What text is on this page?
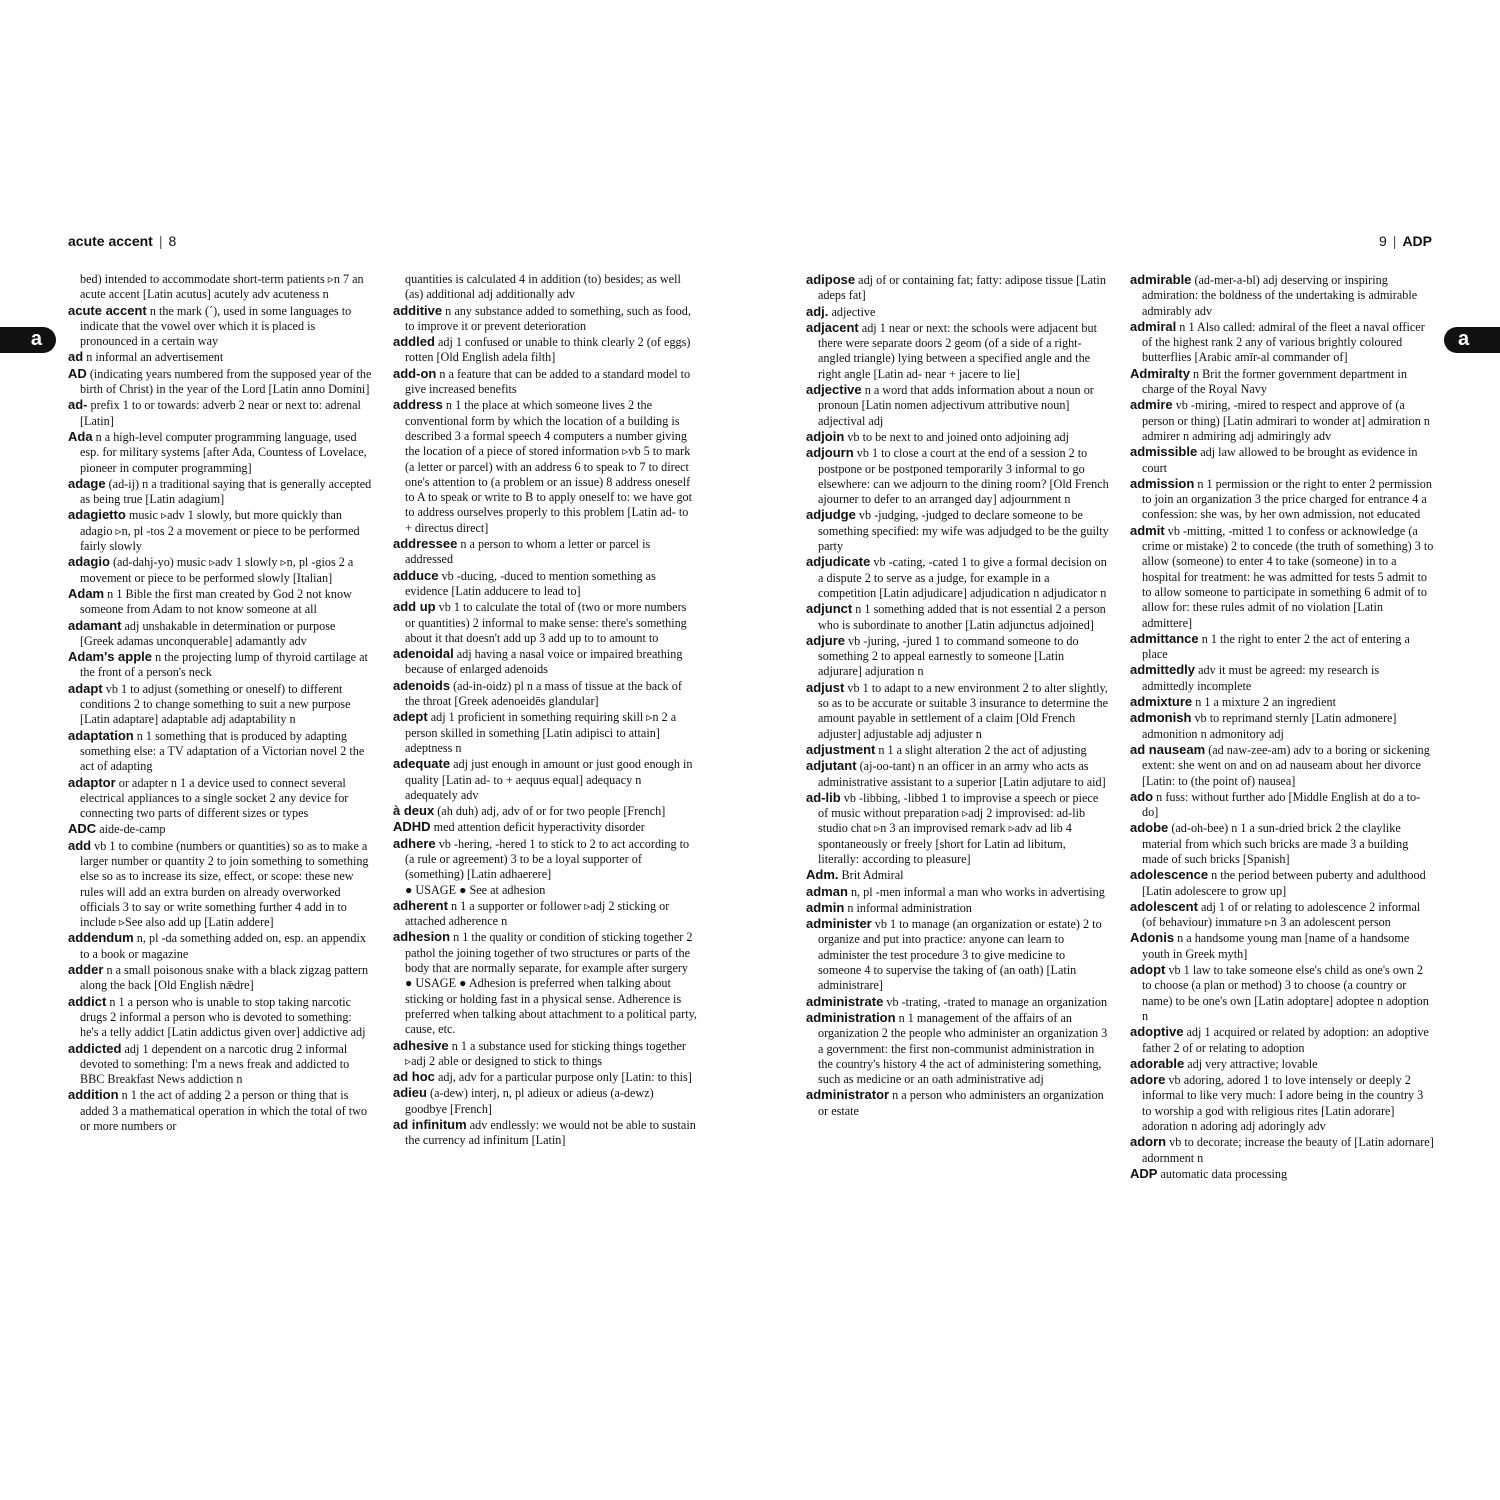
acute accent | 8
a

bed) intended to accommodate short-term patients ▹n 7 an acute accent [Latin acutus] acutely adv acuteness n

acute accent n the mark (´), used in some languages to indicate that the vowel over which it is placed is pronounced in a certain way

ad n informal an advertisement

AD (indicating years numbered from the supposed year of the birth of Christ) in the year of the Lord [Latin anno Domini]

ad- prefix 1 to or towards: adverb 2 near or next to: adrenal [Latin]

Ada n a high-level computer programming language, used esp. for military systems [after Ada, Countess of Lovelace, pioneer in computer programming]

adage (ad-ij) n a traditional saying that is generally accepted as being true [Latin adagium]

adagietto music ▹adv 1 slowly, but more quickly than adagio ▹n, pl -tos 2 a movement or piece to be performed fairly slowly

adagio (ad-dahj-yo) music ▹adv 1 slowly ▹n, pl -gios 2 a movement or piece to be performed slowly [Italian]

Adam n 1 Bible the first man created by God 2 not know someone from Adam to not know someone at all

adamant adj unshakable in determination or purpose [Greek adamas unconquerable] adamantly adv

Adam's apple n the projecting lump of thyroid cartilage at the front of a person's neck

adapt vb 1 to adjust (something or oneself) to different conditions 2 to change something to suit a new purpose [Latin adaptare] adaptable adj adaptability n

adaptation n 1 something that is produced by adapting something else: a TV adaptation of a Victorian novel 2 the act of adapting

adaptor or adapter n 1 a device used to connect several electrical appliances to a single socket 2 any device for connecting two parts of different sizes or types

ADC aide-de-camp

add vb 1 to combine (numbers or quantities) so as to make a larger number or quantity 2 to join something to something else so as to increase its size, effect, or scope: these new rules will add an extra burden on already overworked officials 3 to say or write something further 4 add in to include ▹See also add up [Latin addere]

addendum n, pl -da something added on, esp. an appendix to a book or magazine

adder n a small poisonous snake with a black zigzag pattern along the back [Old English nǣdre]

addict n 1 a person who is unable to stop taking narcotic drugs 2 informal a person who is devoted to something: he's a telly addict [Latin addictus given over] addictive adj

addicted adj 1 dependent on a narcotic drug 2 informal devoted to something: I'm a news freak and addicted to BBC Breakfast News addiction n

addition n 1 the act of adding 2 a person or thing that is added 3 a mathematical operation in which the total of two or more numbers or

quantities is calculated 4 in addition (to) besides; as well (as) additional adj additionally adv

additive n any substance added to something, such as food, to improve it or prevent deterioration

addled adj 1 confused or unable to think clearly 2 (of eggs) rotten [Old English adela filth]

add-on n a feature that can be added to a standard model to give increased benefits

address n 1 the place at which someone lives 2 the conventional form by which the location of a building is described 3 a formal speech 4 computers a number giving the location of a piece of stored information ▹vb 5 to mark (a letter or parcel) with an address 6 to speak to 7 to direct one's attention to (a problem or an issue) 8 address oneself to A to speak or write to B to apply oneself to: we have got to address ourselves properly to this problem [Latin ad- to + directus direct]

addressee n a person to whom a letter or parcel is addressed

adduce vb -ducing, -duced to mention something as evidence [Latin adducere to lead to]

add up vb 1 to calculate the total of (two or more numbers or quantities) 2 informal to make sense: there's something about it that doesn't add up 3 add up to to amount to

adenoidal adj having a nasal voice or impaired breathing because of enlarged adenoids

adenoids (ad-in-oidz) pl n a mass of tissue at the back of the throat [Greek adenoeidēs glandular]

adept adj 1 proficient in something requiring skill ▹n 2 a person skilled in something [Latin adipisci to attain] adeptness n

adequate adj just enough in amount or just good enough in quality [Latin ad- to + aequus equal] adequacy n adequately adv

à deux (ah duh) adj, adv of or for two people [French]

ADHD med attention deficit hyperactivity disorder

adhere vb -hering, -hered 1 to stick to 2 to act according to (a rule or agreement) 3 to be a loyal supporter of (something) [Latin adhaerere]

● USAGE ● See at adhesion

adherent n 1 a supporter or follower ▹adj 2 sticking or attached adherence n

adhesion n 1 the quality or condition of sticking together 2 pathol the joining together of two structures or parts of the body that are normally separate, for example after surgery

● USAGE ● Adhesion is preferred when talking about sticking or holding fast in a physical sense. Adherence is preferred when talking about attachment to a political party, cause, etc.

adhesive n 1 a substance used for sticking things together ▹adj 2 able or designed to stick to things

ad hoc adj, adv for a particular purpose only [Latin: to this]

adieu (a-dew) interj, n, pl adieux or adieus (a-dewz) goodbye [French]

ad infinitum adv endlessly: we would not be able to sustain the currency ad infinitum [Latin]

9 | ADP
a

adipose adj of or containing fat; fatty: adipose tissue [Latin adeps fat]

adj. adjective

adjacent adj 1 near or next: the schools were adjacent but there were separate doors 2 geom (of a side of a right-angled triangle) lying between a specified angle and the right angle [Latin ad- near + jacere to lie]

adjective n a word that adds information about a noun or pronoun [Latin nomen adjectivum attributive noun] adjectival adj

adjoin vb to be next to and joined onto adjoining adj

adjourn vb 1 to close a court at the end of a session 2 to postpone or be postponed temporarily 3 informal to go elsewhere: can we adjourn to the dining room? [Old French ajourner to defer to an arranged day] adjournment n

adjudge vb -judging, -judged to declare someone to be something specified: my wife was adjudged to be the guilty party

adjudicate vb -cating, -cated 1 to give a formal decision on a dispute 2 to serve as a judge, for example in a competition [Latin adjudicare] adjudication n adjudicator n

adjunct n 1 something added that is not essential 2 a person who is subordinate to another [Latin adjunctus adjoined]

adjure vb -juring, -jured 1 to command someone to do something 2 to appeal earnestly to someone [Latin adjurare] adjuration n

adjust vb 1 to adapt to a new environment 2 to alter slightly, so as to be accurate or suitable 3 insurance to determine the amount payable in settlement of a claim [Old French adjuster] adjustable adj adjuster n

adjustment n 1 a slight alteration 2 the act of adjusting

adjutant (aj-oo-tant) n an officer in an army who acts as administrative assistant to a superior [Latin adjutare to aid]

ad-lib vb -libbing, -libbed 1 to improvise a speech or piece of music without preparation ▹adj 2 improvised: ad-lib studio chat ▹n 3 an improvised remark ▹adv ad lib 4 spontaneously or freely [short for Latin ad libitum, literally: according to pleasure]

Adm. Brit Admiral

adman n, pl -men informal a man who works in advertising

admin n informal administration

administer vb 1 to manage (an organization or estate) 2 to organize and put into practice: anyone can learn to administer the test procedure 3 to give medicine to someone 4 to supervise the taking of (an oath) [Latin administrare]

administrate vb -trating, -trated to manage an organization

administration n 1 management of the affairs of an organization 2 the people who administer an organization 3 a government: the first non-communist administration in the country's history 4 the act of administering something, such as medicine or an oath administrative adj

administrator n a person who administers an organization or estate

admirable (ad-mer-a-bl) adj deserving or inspiring admiration: the boldness of the undertaking is admirable admirably adv

admiral n 1 Also called: admiral of the fleet a naval officer of the highest rank 2 any of various brightly coloured butterflies [Arabic amīr-al commander of]

Admiralty n Brit the former government department in charge of the Royal Navy

admire vb -miring, -mired to respect and approve of (a person or thing) [Latin admirari to wonder at] admiration n admirer n admiring adj admiringly adv

admissible adj law allowed to be brought as evidence in court

admission n 1 permission or the right to enter 2 permission to join an organization 3 the price charged for entrance 4 a confession: she was, by her own admission, not educated

admit vb -mitting, -mitted 1 to confess or acknowledge (a crime or mistake) 2 to concede (the truth of something) 3 to allow (someone) to enter 4 to take (someone) in to a hospital for treatment: he was admitted for tests 5 admit to to allow someone to participate in something 6 admit of to allow for: these rules admit of no violation [Latin admittere]

admittance n 1 the right to enter 2 the act of entering a place

admittedly adv it must be agreed: my research is admittedly incomplete

admixture n 1 a mixture 2 an ingredient

admonish vb to reprimand sternly [Latin admonere] admonition n admonitory adj

ad nauseam (ad naw-zee-am) adv to a boring or sickening extent: she went on and on ad nauseam about her divorce [Latin: to (the point of) nausea]

ado n fuss: without further ado [Middle English at do a to-do]

adobe (ad-oh-bee) n 1 a sun-dried brick 2 the claylike material from which such bricks are made 3 a building made of such bricks [Spanish]

adolescence n the period between puberty and adulthood [Latin adolescere to grow up]

adolescent adj 1 of or relating to adolescence 2 informal (of behaviour) immature ▹n 3 an adolescent person

Adonis n a handsome young man [name of a handsome youth in Greek myth]

adopt vb 1 law to take someone else's child as one's own 2 to choose (a plan or method) 3 to choose (a country or name) to be one's own [Latin adoptare] adoptee n adoption n

adoptive adj 1 acquired or related by adoption: an adoptive father 2 of or relating to adoption

adorable adj very attractive; lovable

adore vb adoring, adored 1 to love intensely or deeply 2 informal to like very much: I adore being in the country 3 to worship a god with religious rites [Latin adorare] adoration n adoring adj adoringly adv

adorn vb to decorate; increase the beauty of [Latin adornare] adornment n

ADP automatic data processing
